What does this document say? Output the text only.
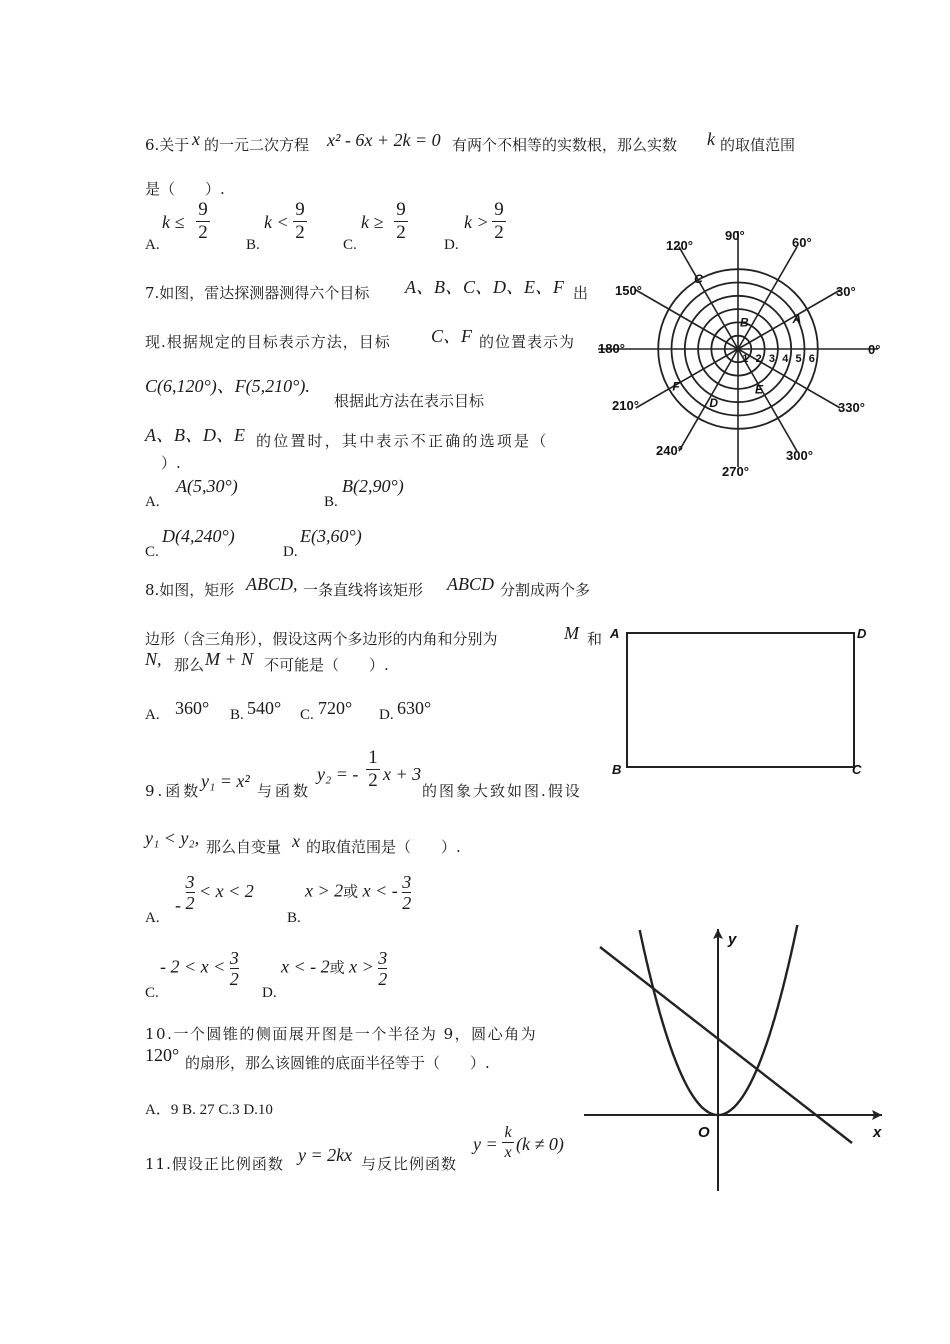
6.关于 x 的一元二次方程 x² - 6x + 2k = 0 有两个不相等的实数根，那么实数 k 的取值范围
是（　　）.
A.
k ≤
9
2
B.
k <
9
2
C.
k ≥
9
2
D.
k >
9
2
7.如图，雷达探测器测得六个目标 A、B、C、D、E、F 出
现.根据规定的目标表示方法，目标 C、F 的位置表示为
C(6,120°)、F(5,210°).
根据此方法在表示目标
A、B、D、E 的位置时，其中表示不正确的选项是（
）.
A.
A(5,30°)
B.
B(2,90°)
C.
D(4,240°)
D.
E(3,60°)
0°
30°
60°
90°
120°
150°
180°
210°
240°
270°
300°
330°
1 2 3 4 5 6
A
B
C
D
E
F
8.如图，矩形 ABCD, 一条直线将该矩形 ABCD 分割成两个多
边形（含三角形），假设这两个多边形的内角和分别为	M 和
N, 那么 M + N 不可能是（　　）.
A. 360° B. 540° C. 720° D. 630°
A	D
B	C
9.函数 y₁ = x² 与函数
y₂ = -
1
2 x + 3
的图象大致如图.假设
y₁ < y₂, 那么自变量 x 的取值范围是（　　）.
A.
- $\frac{3}{2} < x < 2$
B.
x > 2或 x < - $\frac{3}{2}$
C.
- $2 < x < \frac{3}{2}$
D.
x < - 2或 $x > \frac{3}{2}$
x
y
O
10.一个圆锥的侧面展开图是一个半径为 9，圆心角为
120° 的扇形，那么该圆锥的底面半径等于（　　）.
A．9 B. 27 C.3 D.10
11.假设正比例函数 y = 2kx 与反比例函数
y =
k
x (k ≠ 0)
